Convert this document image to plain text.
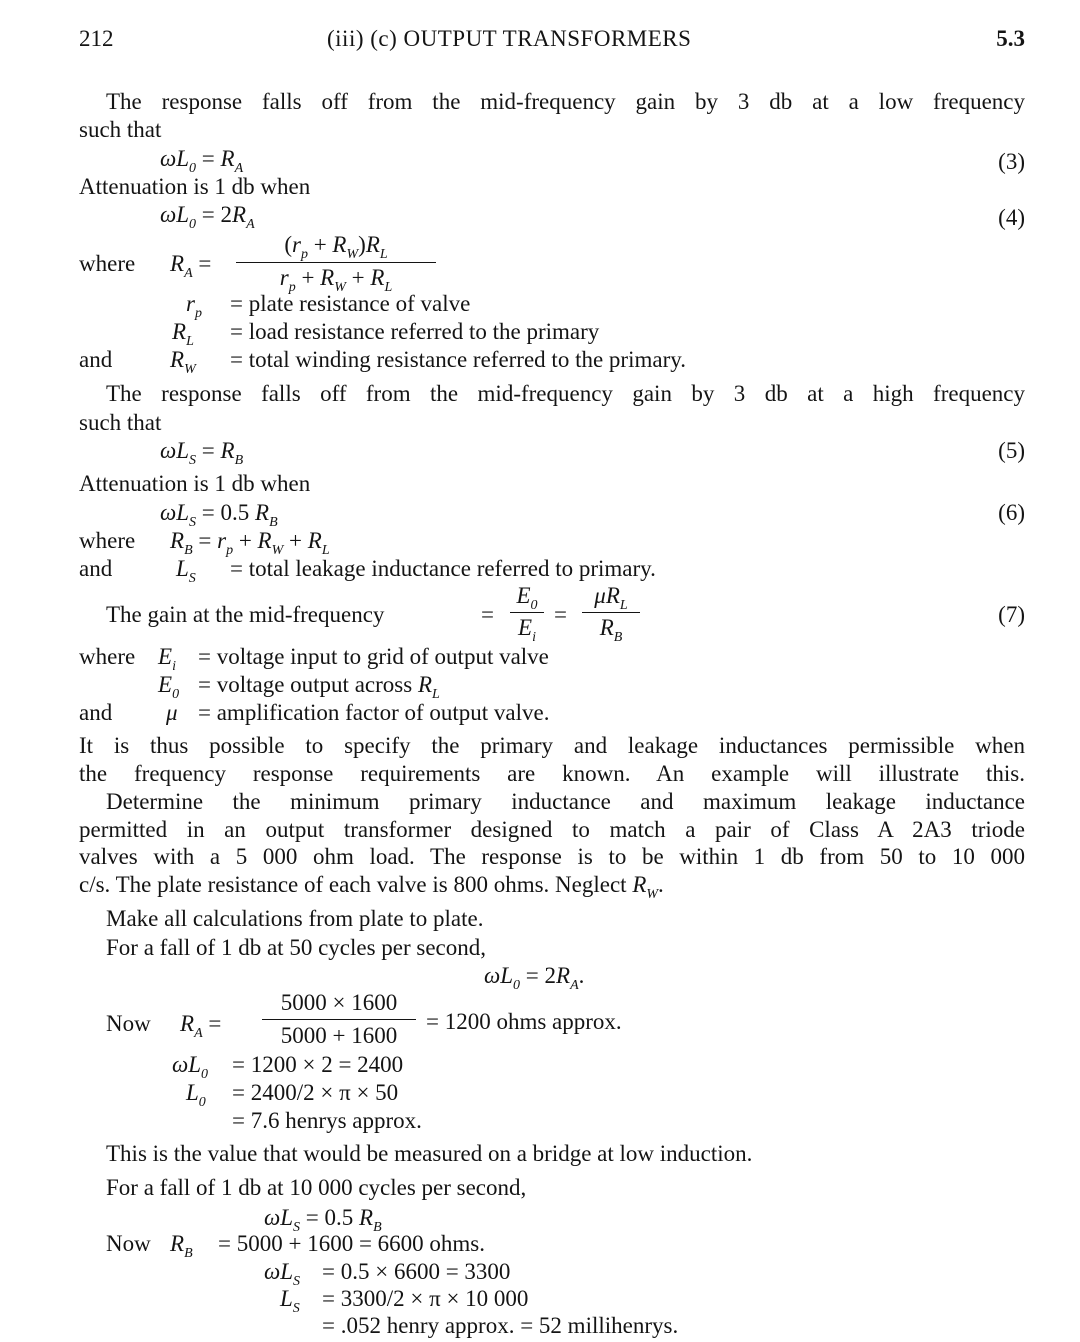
212	(iii) (c) OUTPUT TRANSFORMERS	5.3
The response falls off from the mid-frequency gain by 3 db at a low frequency
such that
$\omega L_0 = R_A$	(3)
Attenuation is 1 db when
$\omega L_0 = 2R_A$	(4)
where $R_A$ =
$(r_p + R_W)R_L$
$r_p + R_W + R_L$
$r_p$ = plate resistance of valve
$R_L$ = load resistance referred to the primary
and	$R_W$ = total winding resistance referred to the primary.
The response falls off from the mid-frequency gain by 3 db at a high frequency
such that
$\omega L_S = R_B$	(5)
Attenuation is 1 db when
$\omega L_S = 0.5$ $R_B$	(6)
where $R_B = r_p + R_W + R_L$
and	$L_S$ = total leakage inductance referred to primary.
The gain at the mid-frequency	=
$E_0$
$E_i$
=
$\mu R_L$
$R_B$
(7)
where $E_i$ = voltage input to grid of output valve
$E_0$ = voltage output across $R_L$
and μ = amplification factor of output valve.
It is thus possible to specify the primary and leakage inductances permissible when
the frequency response requirements are known. An example will illustrate this.
Determine the minimum primary inductance and maximum leakage inductance
permitted in an output transformer designed to match a pair of Class A 2A3 triode
valves with a 5 000 ohm load. The response is to be within 1 db from 50 to 10 000
c/s. The plate resistance of each valve is 800 ohms. Neglect $R_W$.
Make all calculations from plate to plate.
For a fall of 1 db at 50 cycles per second,
$\omega L_0 = 2R_A$.
Now $R_A$ =
5000 × 1600
5000 + 1600
= 1200 ohms approx.
$\omega L_0 = 1200 \times 2 = 2400$
$L_0 = 2400/2 \times \pi \times 50$
= 7.6 henrys approx.
This is the value that would be measured on a bridge at low induction.
For a fall of 1 db at 10 000 cycles per second,
$\omega L_S = 0.5$ $R_B$
Now $R_B = 5000 + 1600 = 6600$ ohms.
$\omega L_S = 0.5 \times 6600 = 3300$
$L_S = 3300/2 \times \pi \times 10$ 000
= .052 henry approx. = 52 millihenrys.
